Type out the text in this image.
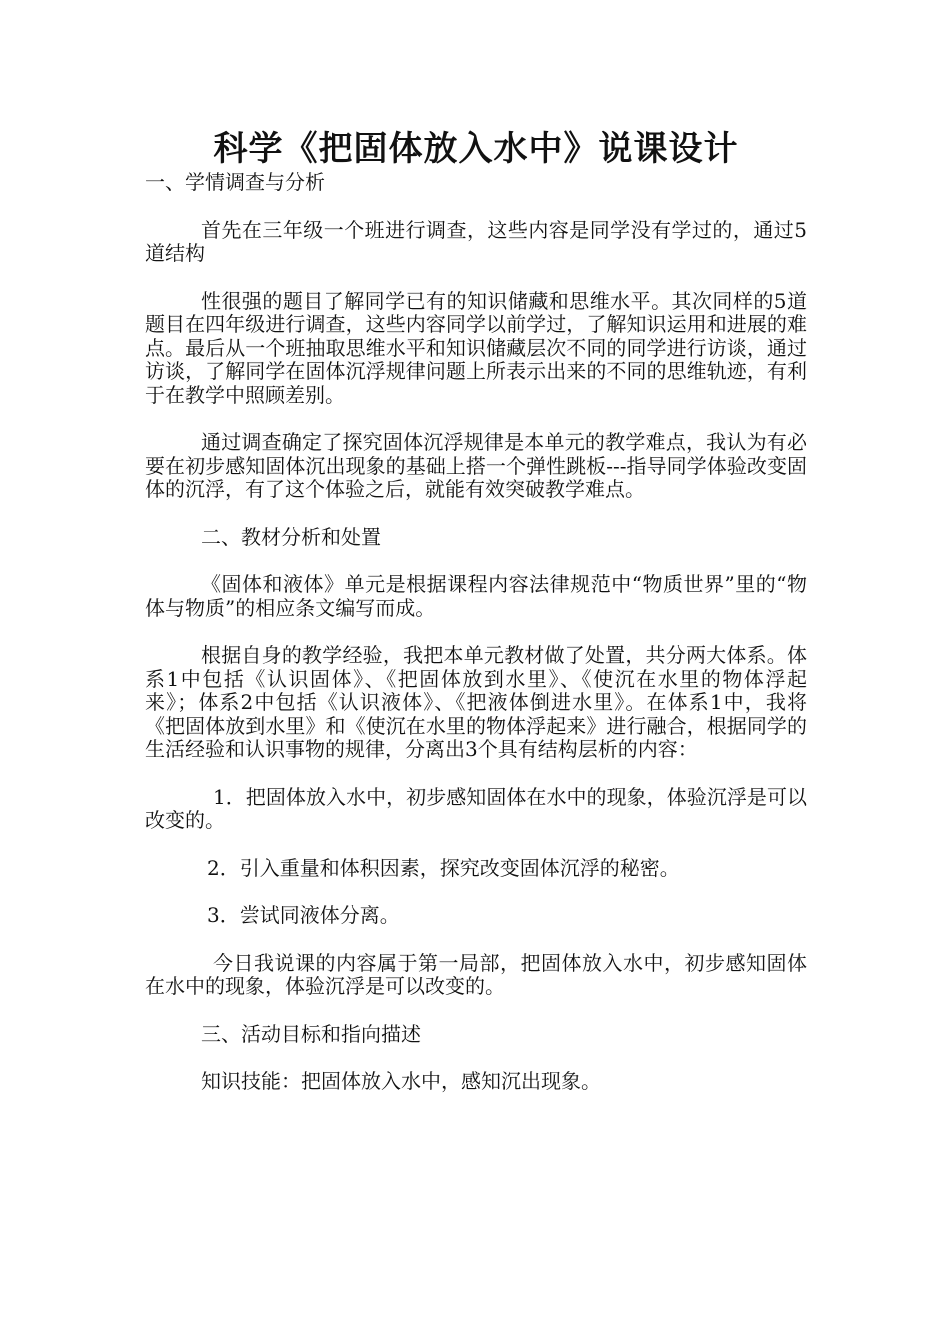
科学《把固体放入水中》说课设计
一、学情调查与分析
首先在三年级一个班进行调查，这些内容是同学没有学过的，通过5道结构
性很强的题目了解同学已有的知识储藏和思维水平。其次同样的5道题目在四年级进行调查，这些内容同学以前学过，了解知识运用和进展的难点。最后从一个班抽取思维水平和知识储藏层次不同的同学进行访谈，通过访谈，了解同学在固体沉浮规律问题上所表示出来的不同的思维轨迹，有利于在教学中照顾差别。
通过调查确定了探究固体沉浮规律是本单元的教学难点，我认为有必要在初步感知固体沉出现象的基础上搭一个弹性跳板---指导同学体验改变固体的沉浮，有了这个体验之后，就能有效突破教学难点。
二、教材分析和处置
《固体和液体》单元是根据课程内容法律规范中“物质世界”里的“物体与物质”的相应条文编写而成。
根据自身的教学经验，我把本单元教材做了处置，共分两大体系。体系1中包括《认识固体》、《把固体放到水里》、《使沉在水里的物体浮起来》；体系2中包括《认识液体》、《把液体倒进水里》。在体系1中，我将《把固体放到水里》和《使沉在水里的物体浮起来》进行融合，根据同学的生活经验和认识事物的规律，分离出3个具有结构层析的内容：
1．把固体放入水中，初步感知固体在水中的现象，体验沉浮是可以改变的。
2．引入重量和体积因素，探究改变固体沉浮的秘密。
3．尝试同液体分离。
今日我说课的内容属于第一局部，把固体放入水中，初步感知固体在水中的现象，体验沉浮是可以改变的。
三、活动目标和指向描述
知识技能：把固体放入水中，感知沉出现象。
